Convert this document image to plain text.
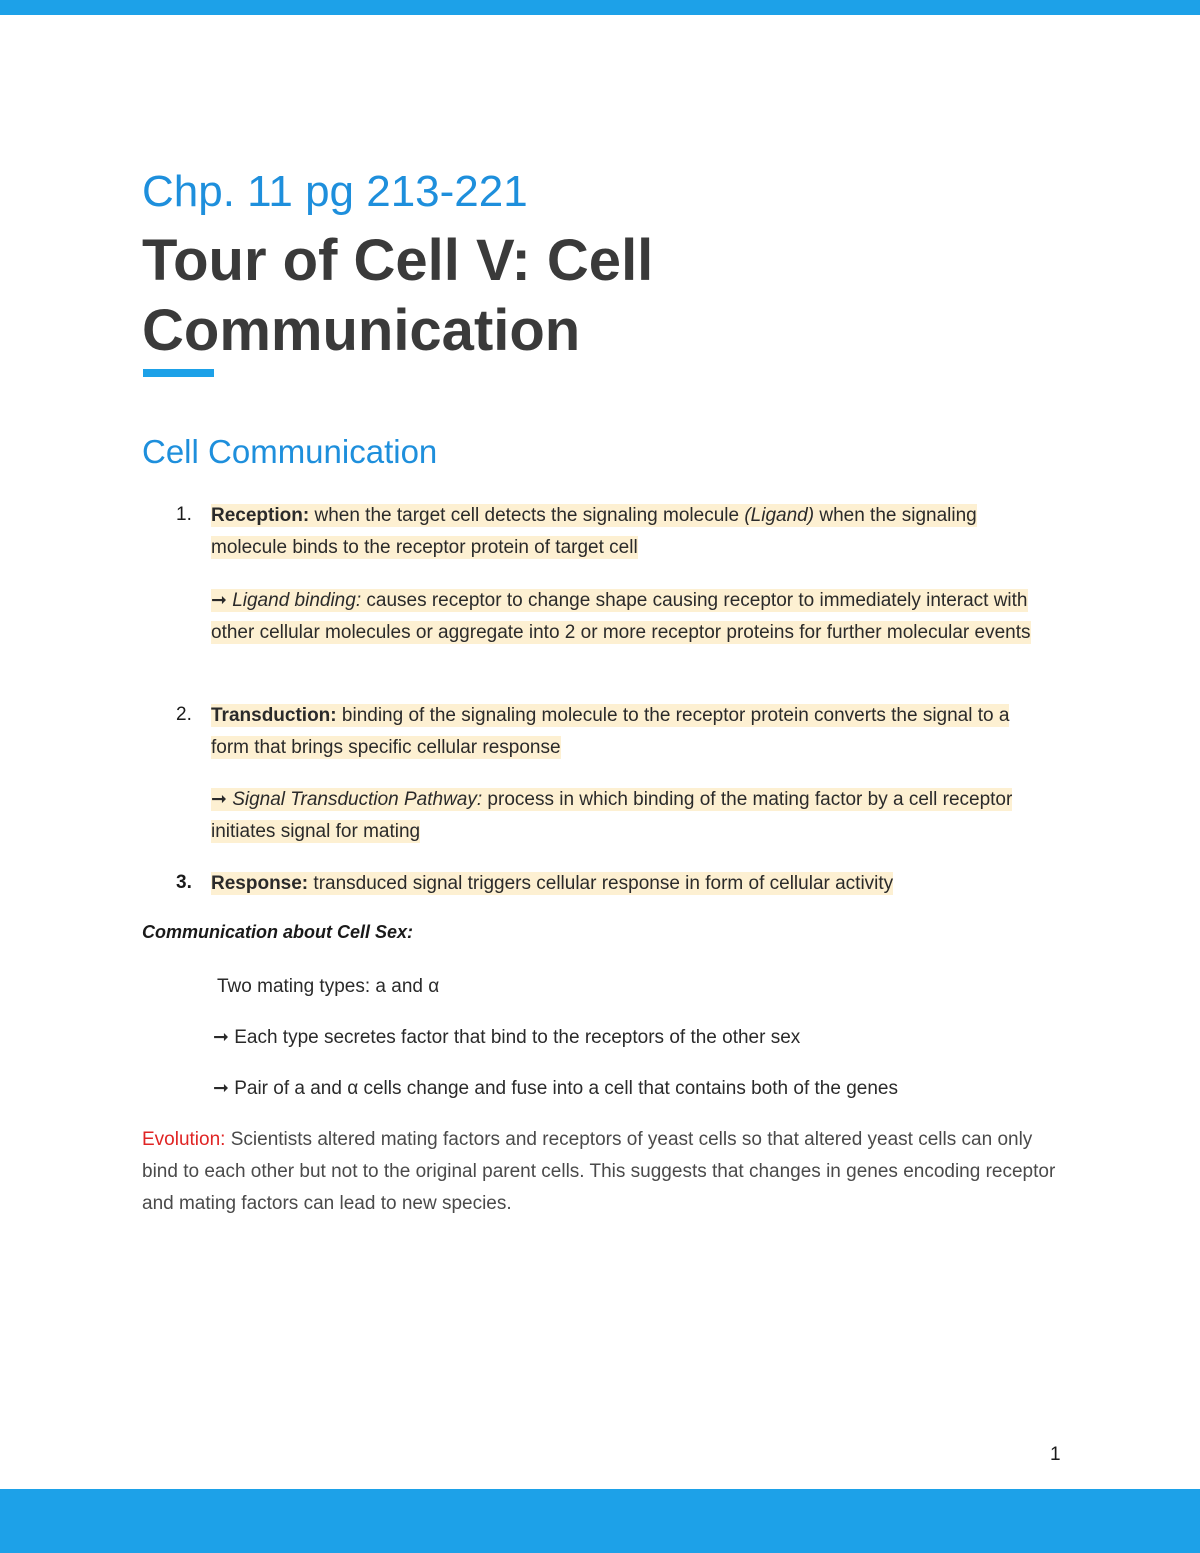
Chp. 11 pg 213-221
Tour of Cell V: Cell Communication
Cell Communication
1. Reception: when the target cell detects the signaling molecule (Ligand) when the signaling molecule binds to the receptor protein of target cell
➞ Ligand binding: causes receptor to change shape causing receptor to immediately interact with other cellular molecules or aggregate into 2 or more receptor proteins for further molecular events
2. Transduction: binding of the signaling molecule to the receptor protein converts the signal to a form that brings specific cellular response
➞ Signal Transduction Pathway: process in which binding of the mating factor by a cell receptor initiates signal for mating
3. Response: transduced signal triggers cellular response in form of cellular activity
Communication about Cell Sex:
Two mating types: a and α
➞ Each type secretes factor that bind to the receptors of the other sex
➞ Pair of a and α cells change and fuse into a cell that contains both of the genes
Evolution: Scientists altered mating factors and receptors of yeast cells so that altered yeast cells can only bind to each other but not to the original parent cells. This suggests that changes in genes encoding receptor and mating factors can lead to new species.
1
